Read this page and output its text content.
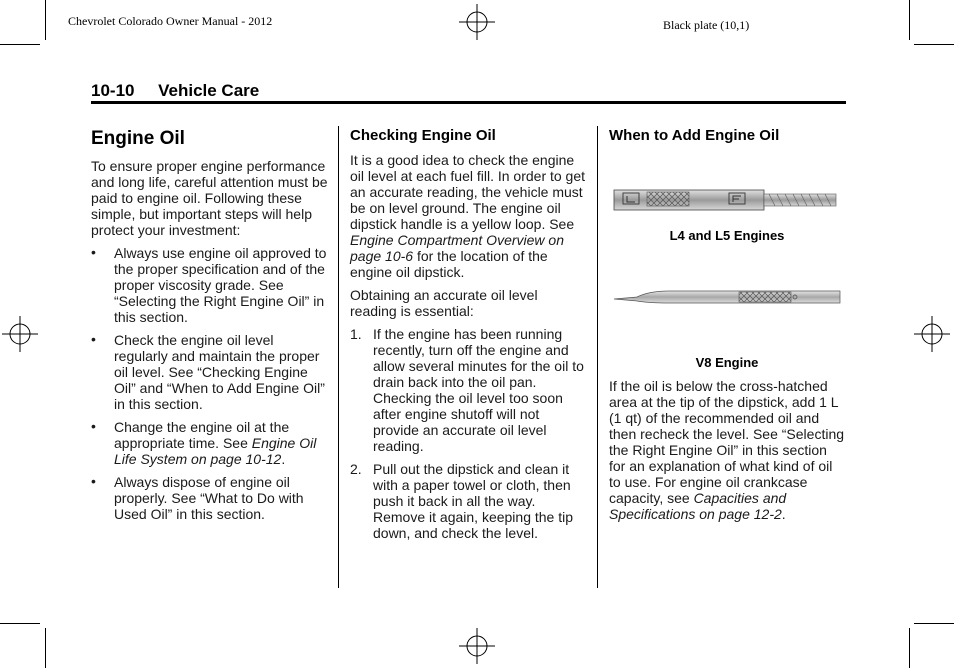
Chevrolet Colorado Owner Manual - 2012	Black plate (10,1)
10-10 Vehicle Care
Engine Oil

To ensure proper engine performance and long life, careful attention must be paid to engine oil. Following these simple, but important steps will help protect your investment:

• Always use engine oil approved to the proper specification and of the proper viscosity grade. See “Selecting the Right Engine Oil” in this section.
• Check the engine oil level regularly and maintain the proper oil level. See “Checking Engine Oil” and “When to Add Engine Oil” in this section.
• Change the engine oil at the appropriate time. See Engine Oil Life System on page 10-12.
• Always dispose of engine oil properly. See “What to Do with Used Oil” in this section.
Checking Engine Oil

It is a good idea to check the engine oil level at each fuel fill. In order to get an accurate reading, the vehicle must be on level ground. The engine oil dipstick handle is a yellow loop. See Engine Compartment Overview on page 10-6 for the location of the engine oil dipstick.

Obtaining an accurate oil level reading is essential:

1. If the engine has been running recently, turn off the engine and allow several minutes for the oil to drain back into the oil pan. Checking the oil level too soon after engine shutoff will not provide an accurate oil level reading.
2. Pull out the dipstick and clean it with a paper towel or cloth, then push it back in all the way. Remove it again, keeping the tip down, and check the level.
When to Add Engine Oil

L4 and L5 Engines

V8 Engine

If the oil is below the cross-hatched area at the tip of the dipstick, add 1 L (1 qt) of the recommended oil and then recheck the level. See “Selecting the Right Engine Oil” in this section for an explanation of what kind of oil to use. For engine oil crankcase capacity, see Capacities and Specifications on page 12-2.
